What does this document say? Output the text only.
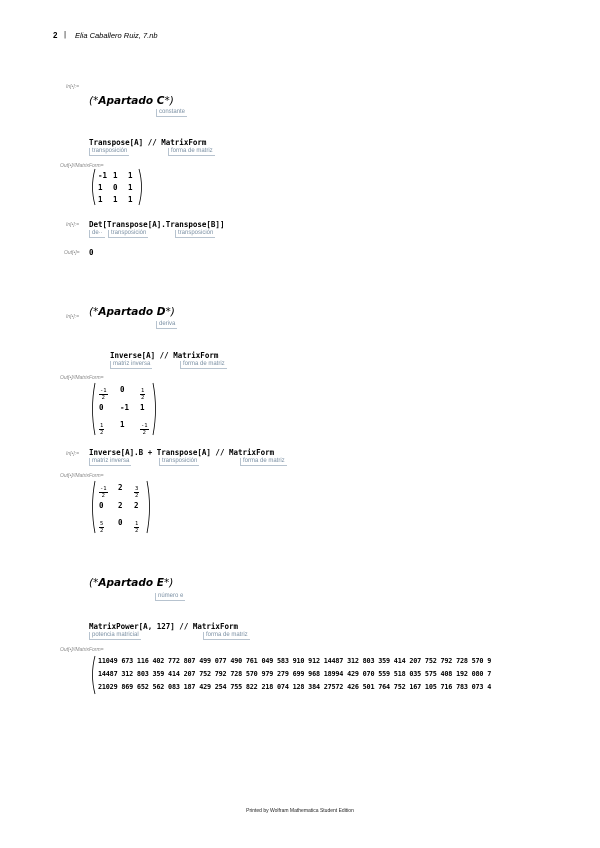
2 | Elia Caballero Ruiz, 7.nb
In[•]:=
(*Apartado C*)
constante
Transpose[A] // MatrixForm
transposición	forma de matriz
Out[•]//MatrixForm=
-1 1 1
1 0 1
1 1 1
In[•]:= Det[Transpose[A].Transpose[B]]
de··	transposición	transposición
Out[•]= 0
In[•]:= (*Apartado D*)
deriva
Inverse[A] // MatrixForm
matriz inversa	forma de matriz
Out[•]//MatrixForm=
$\frac{-1}{2} 0$	$\frac{1}{2}$
0 -1 1
$\frac{1}{2} 1$	$\frac{-1}{2}$
In[•]:= Inverse[A].B + Transpose[A] // MatrixForm
matriz inversa	transposición	forma de matriz
Out[•]//MatrixForm=
$\frac{-1}{2} 2 \frac{3}{2}$
0 2 2
$\frac{5}{2} 0 \frac{1}{2}$
(*Apartado E*)
número e
MatrixPower[A, 127] // MatrixForm
potencia matricial	forma de matriz
Out[•]//MatrixForm=
11049 673 116 402 772 807 499 077 490 761 049 583 910 912 14487 312 803 359 414 207 752 792 728 570 9
14487 312 803 359 414 207 752 792 728 570 979 279 699 968 18994 429 070 559 518 035 575 408 192 080 7
21029 869 652 562 083 187 429 254 755 822 218 074 128 384 27572 426 501 764 752 167 105 716 783 073 4
Printed by Wolfram Mathematica Student Edition
